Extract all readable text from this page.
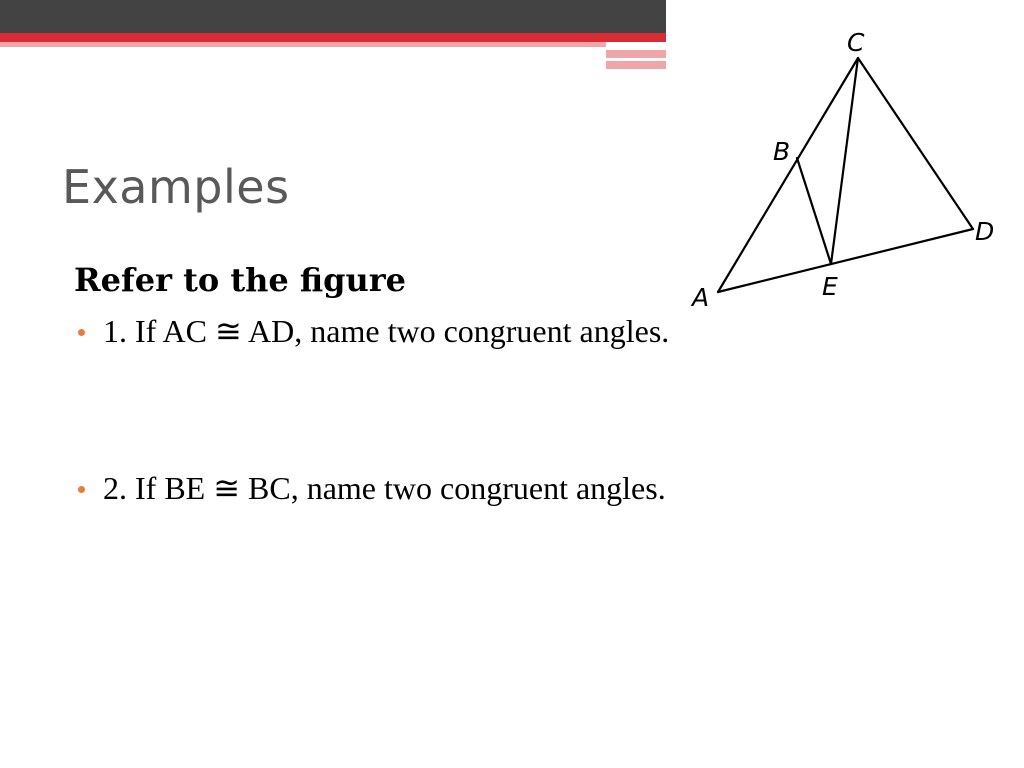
Examples
Refer to the figure
1. If AC ≅ AD, name two congruent angles.
2. If BE ≅ BC, name two congruent angles.
C
B
D
E
A
